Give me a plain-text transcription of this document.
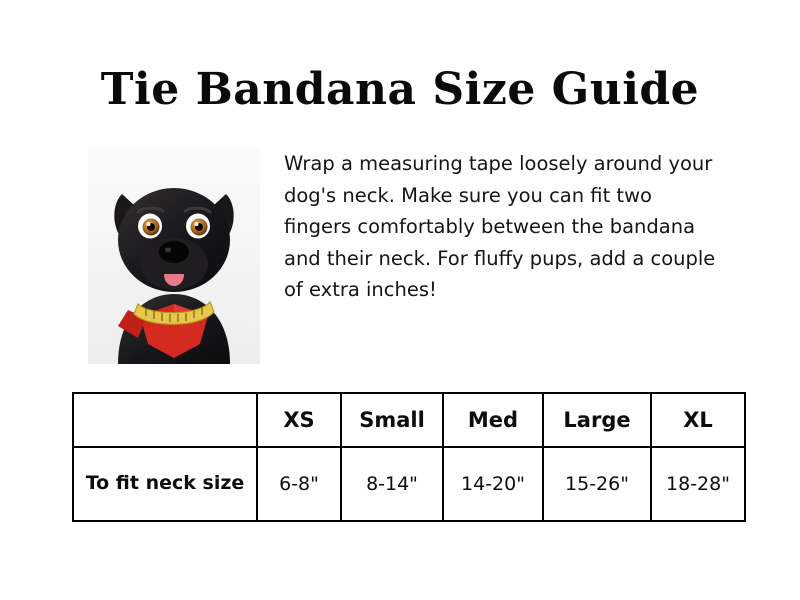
Tie Bandana Size Guide
Wrap a measuring tape loosely around your dog's neck. Make sure you can fit two fingers comfortably between the bandana and their neck. For fluffy pups, add a couple of extra inches!
	XS	Small	Med	Large	XL
To fit neck size	6-8"	8-14"	14-20"	15-26"	18-28"
